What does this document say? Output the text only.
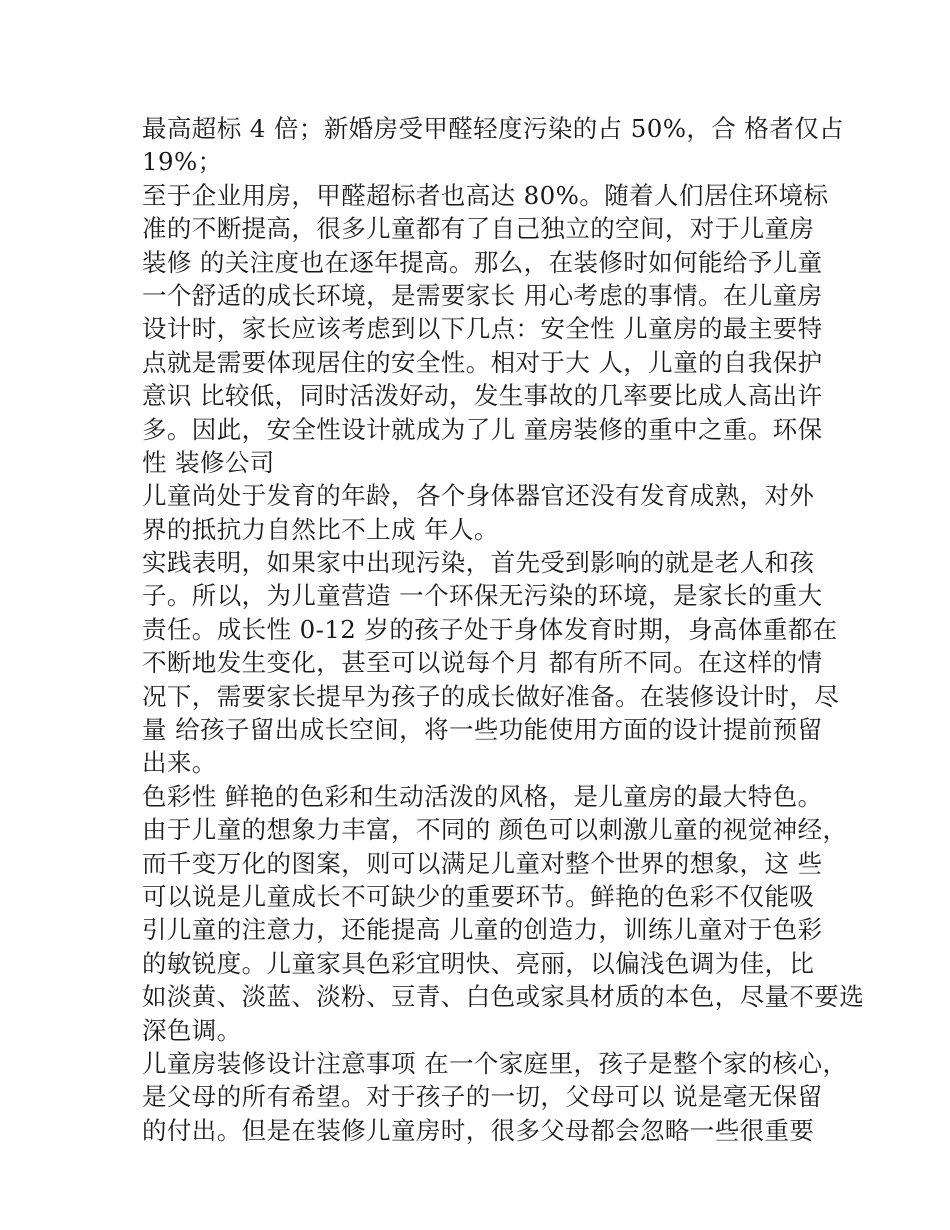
最高超标 4 倍；新婚房受甲醛轻度污染的占 50%，合 格者仅占
19%；
至于企业用房，甲醛超标者也高达 80%。随着人们居住环境标
准的不断提高，很多儿童都有了自己独立的空间，对于儿童房
装修 的关注度也在逐年提高。那么，在装修时如何能给予儿童
一个舒适的成长环境，是需要家长 用心考虑的事情。在儿童房
设计时，家长应该考虑到以下几点：安全性 儿童房的最主要特
点就是需要体现居住的安全性。相对于大 人，儿童的自我保护
意识 比较低，同时活泼好动，发生事故的几率要比成人高出许
多。因此，安全性设计就成为了儿 童房装修的重中之重。环保
性 装修公司
儿童尚处于发育的年龄，各个身体器官还没有发育成熟，对外
界的抵抗力自然比不上成 年人。
实践表明，如果家中出现污染，首先受到影响的就是老人和孩
子。所以，为儿童营造 一个环保无污染的环境，是家长的重大
责任。成长性 0-12 岁的孩子处于身体发育时期，身高体重都在
不断地发生变化，甚至可以说每个月 都有所不同。在这样的情
况下，需要家长提早为孩子的成长做好准备。在装修设计时，尽
量 给孩子留出成长空间，将一些功能使用方面的设计提前预留
出来。
色彩性 鲜艳的色彩和生动活泼的风格，是儿童房的最大特色。
由于儿童的想象力丰富，不同的 颜色可以刺激儿童的视觉神经，
而千变万化的图案，则可以满足儿童对整个世界的想象，这 些
可以说是儿童成长不可缺少的重要环节。鲜艳的色彩不仅能吸
引儿童的注意力，还能提高 儿童的创造力，训练儿童对于色彩
的敏锐度。儿童家具色彩宜明快、亮丽，以偏浅色调为佳，比
如淡黄、淡蓝、淡粉、豆青、白色或家具材质的本色，尽量不要选
深色调。
儿童房装修设计注意事项 在一个家庭里，孩子是整个家的核心，
是父母的所有希望。对于孩子的一切，父母可以 说是毫无保留
的付出。但是在装修儿童房时，很多父母都会忽略一些很重要
